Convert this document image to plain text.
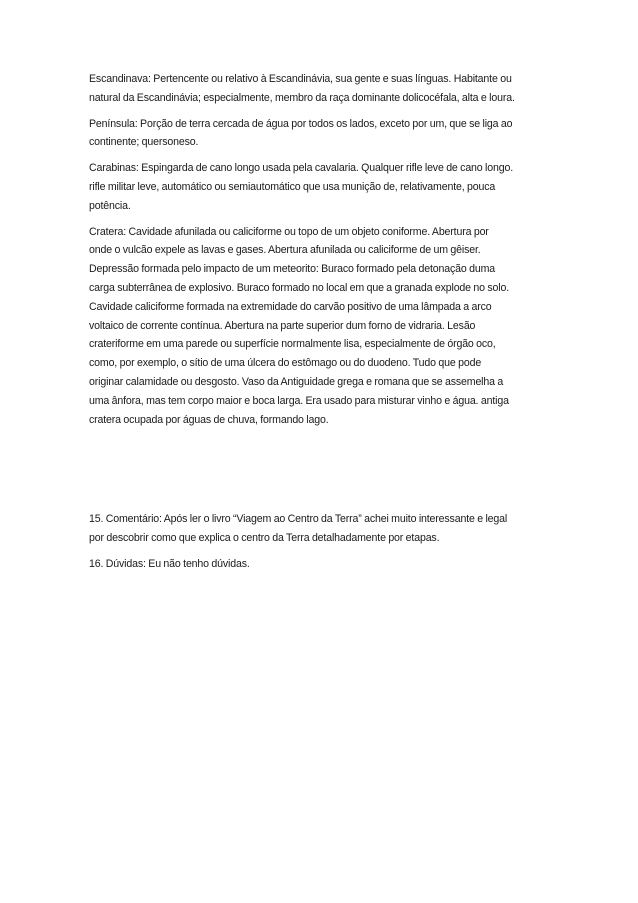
Escandinava: Pertencente ou relativo à Escandinávia, sua gente e suas línguas. Habitante ou
natural da Escandinávia; especialmente, membro da raça dominante dolicocéfala, alta e loura.

Península: Porção de terra cercada de água por todos os lados, exceto por um, que se liga ao
continente; quersoneso.

Carabinas: Espingarda de cano longo usada pela cavalaria. Qualquer rifle leve de cano longo.
rifle militar leve, automático ou semiautomático que usa munição de, relativamente, pouca
potência.

Cratera: Cavidade afunilada ou caliciforme ou topo de um objeto coniforme. Abertura por
onde o vulcão expele as lavas e gases. Abertura afunilada ou caliciforme de um gêiser.
Depressão formada pelo impacto de um meteorito: Buraco formado pela detonação duma
carga subterrânea de explosivo. Buraco formado no local em que a granada explode no solo.
Cavidade caliciforme formada na extremidade do carvão positivo de uma lâmpada a arco
voltaico de corrente contínua. Abertura na parte superior dum forno de vidraria. Lesão
crateriforme em uma parede ou superfície normalmente lisa, especialmente de órgão oco,
como, por exemplo, o sítio de uma úlcera do estômago ou do duodeno. Tudo que pode
originar calamidade ou desgosto. Vaso da Antiguidade grega e romana que se assemelha a
uma ânfora, mas tem corpo maior e boca larga. Era usado para misturar vinho e água. antiga
cratera ocupada por águas de chuva, formando lago.

15. Comentário: Após ler o livro “Viagem ao Centro da Terra” achei muito interessante e legal
por descobrir como que explica o centro da Terra detalhadamente por etapas.

16. Dúvidas: Eu não tenho dúvidas.
